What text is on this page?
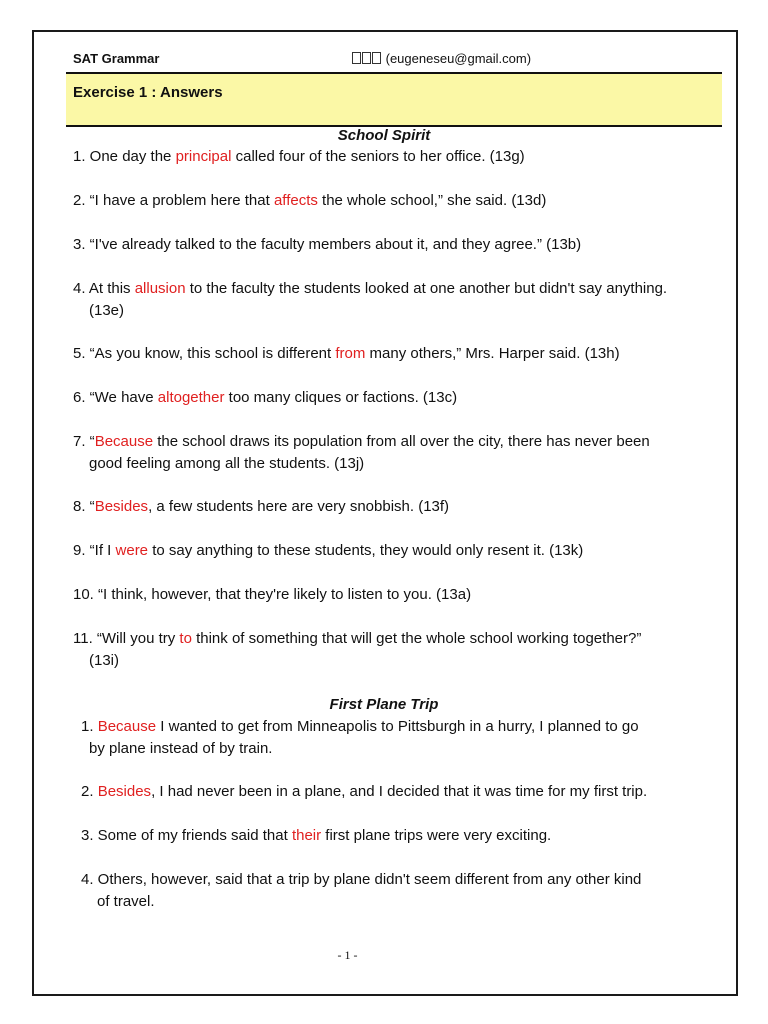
SAT Grammar	(eugeneseu@gmail.com)
Exercise 1 : Answers
School Spirit
1. One day the principal called four of the seniors to her office. (13g)
2. “I have a problem here that affects the whole school,” she said. (13d)
3. “I've already talked to the faculty members about it, and they agree.” (13b)
4. At this allusion to the faculty the students looked at one another but didn't say anything.
(13e)
5. “As you know, this school is different from many others,” Mrs. Harper said. (13h)
6. “We have altogether too many cliques or factions. (13c)
7. “Because the school draws its population from all over the city, there has never been
good feeling among all the students. (13j)
8. “Besides, a few students here are very snobbish. (13f)
9. “If I were to say anything to these students, they would only resent it. (13k)
10. “I think, however, that they're likely to listen to you. (13a)
11. “Will you try to think of something that will get the whole school working together?”
(13i)
First Plane Trip
1. Because I wanted to get from Minneapolis to Pittsburgh in a hurry, I planned to go
by plane instead of by train.
2. Besides, I had never been in a plane, and I decided that it was time for my first trip.
3. Some of my friends said that their first plane trips were very exciting.
4. Others, however, said that a trip by plane didn't seem different from any other kind
of travel.
- 1 -
